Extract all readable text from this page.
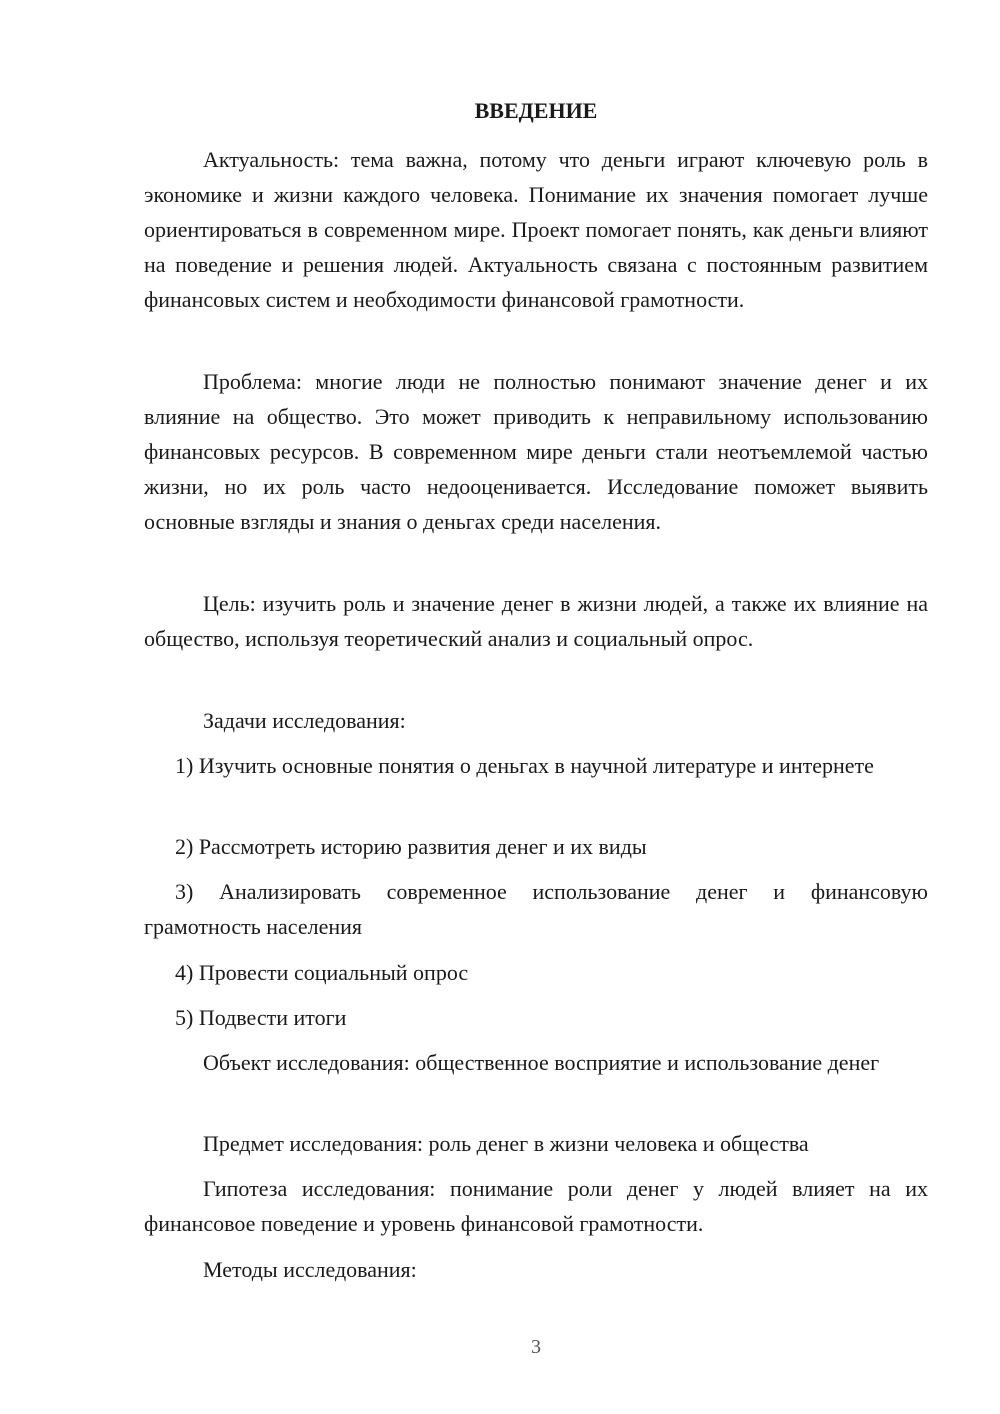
ВВЕДЕНИЕ

Актуальность: тема важна, потому что деньги играют ключевую роль в экономике и жизни каждого человека. Понимание их значения помогает лучше ориентироваться в современном мире. Проект помогает понять, как деньги влияют на поведение и решения людей. Актуальность связана с постоянным развитием финансовых систем и необходимости финансовой грамотности.

Проблема: многие люди не полностью понимают значение денег и их влияние на общество. Это может приводить к неправильному использованию финансовых ресурсов. В современном мире деньги стали неотъемлемой частью жизни, но их роль часто недооценивается. Исследование поможет выявить основные взгляды и знания о деньгах среди населения.

Цель: изучить роль и значение денег в жизни людей, а также их влияние на общество, используя теоретический анализ и социальный опрос.

Задачи исследования:

1) Изучить основные понятия о деньгах в научной литературе и интернете

2) Рассмотреть историю развития денег и их виды

3) Анализировать современное использование денег и финансовую грамотность населения

4) Провести социальный опрос

5) Подвести итоги

Объект исследования: общественное восприятие и использование денег

Предмет исследования: роль денег в жизни человека и общества

Гипотеза исследования: понимание роли денег у людей влияет на их финансовое поведение и уровень финансовой грамотности.

Методы исследования:

3
